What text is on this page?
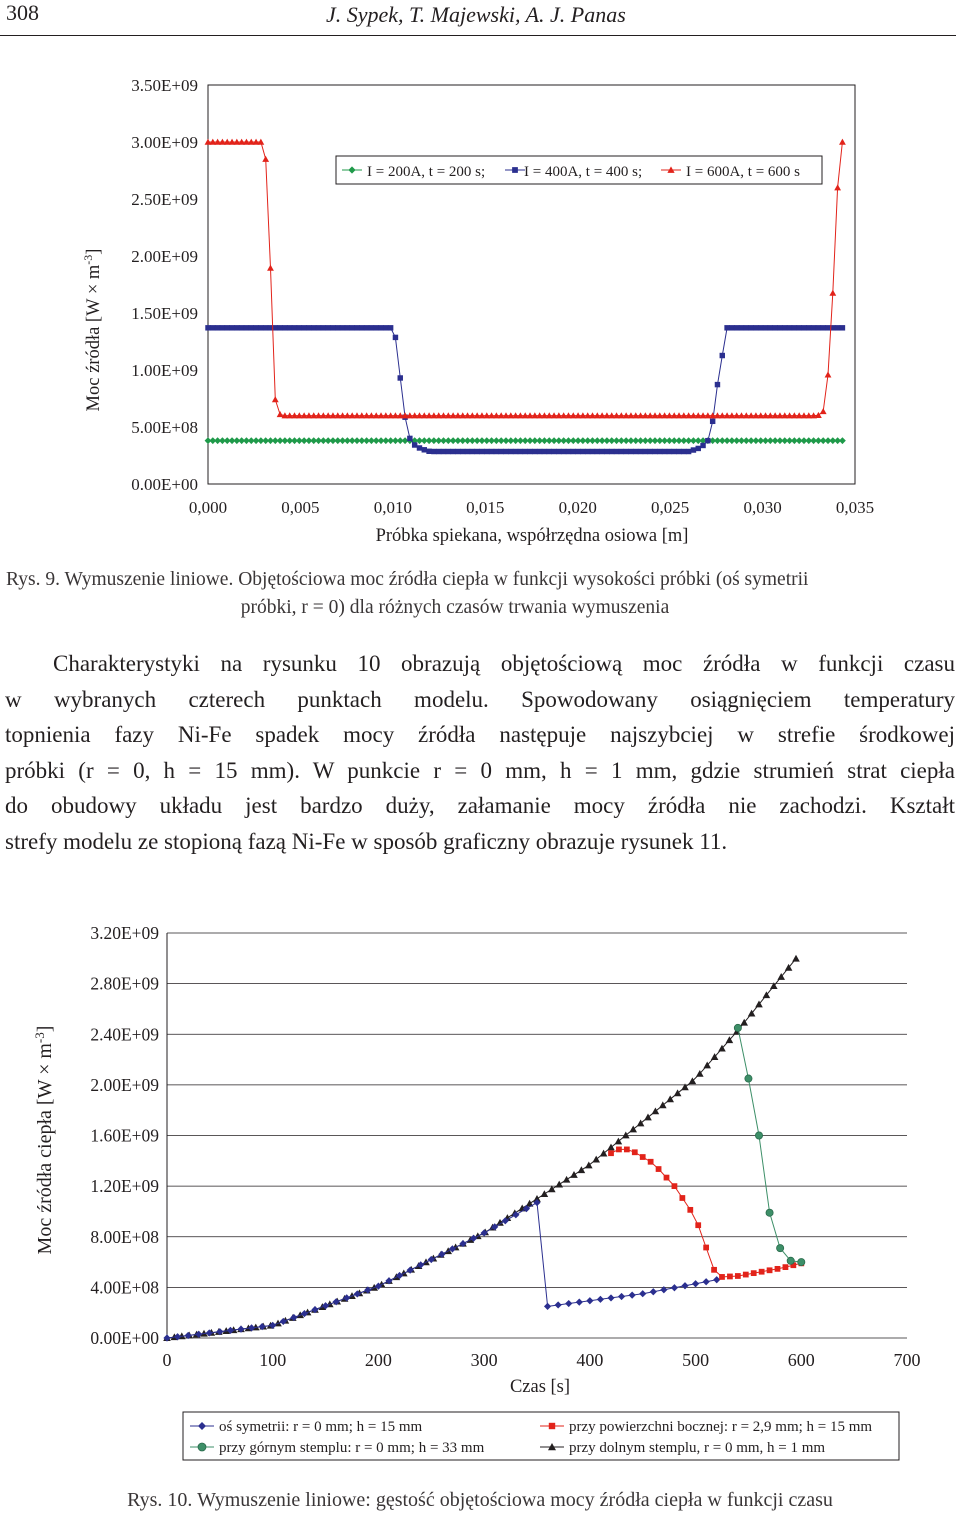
308	J. Sypek, T. Majewski, A. J. Panas
0.00E+00
5.00E+08
1.00E+09
1.50E+09
2.00E+09
2.50E+09
3.00E+09
3.50E+09
0,000	0,005	0,010	0,015	0,020	0,025	0,030	0,035
I = 200A, t = 200 s;	I = 400A, t = 400 s;	I = 600A, t = 600 s
Próbka spiekana, współrzędna osiowa [m]
Moc źródła $[W \times m^{-3}]$
Rys. 9. Wymuszenie liniowe. Objętościowa moc źródła ciepła w funkcji wysokości próbki (oś symetrii
próbki, r = 0) dla różnych czasów trwania wymuszenia
Charakterystyki na rysunku 10 obrazują objętościową moc źródła w funkcji czasu
w wybranych czterech punktach modelu. Spowodowany osiągnięciem temperatury
topnienia fazy Ni-Fe spadek mocy źródła następuje najszybciej w strefie środkowej
próbki (r = 0, h = 15 mm). W punkcie r = 0 mm, h = 1 mm, gdzie strumień strat ciepła
do obudowy układu jest bardzo duży, załamanie mocy źródła nie zachodzi. Kształt
strefy modelu ze stopioną fazą Ni-Fe w sposób graficzny obrazuje rysunek 11.
0.00E+00
4.00E+08
8.00E+08
1.20E+09
1.60E+09
2.00E+09
2.40E+09
2.80E+09
3.20E+09
0	100	200	300	400	500	600	700
Czas [s]
Moc źródła ciepła $[W \times m^{-3}]$
oś symetrii: r = 0 mm; h = 15 mm	przy powierzchni bocznej: r = 2,9 mm; h = 15 mm
przy górnym stemplu: r = 0 mm; h = 33 mm	przy dolnym stemplu, r = 0 mm, h = 1 mm
Rys. 10. Wymuszenie liniowe: gęstość objętościowa mocy źródła ciepła w funkcji czasu
